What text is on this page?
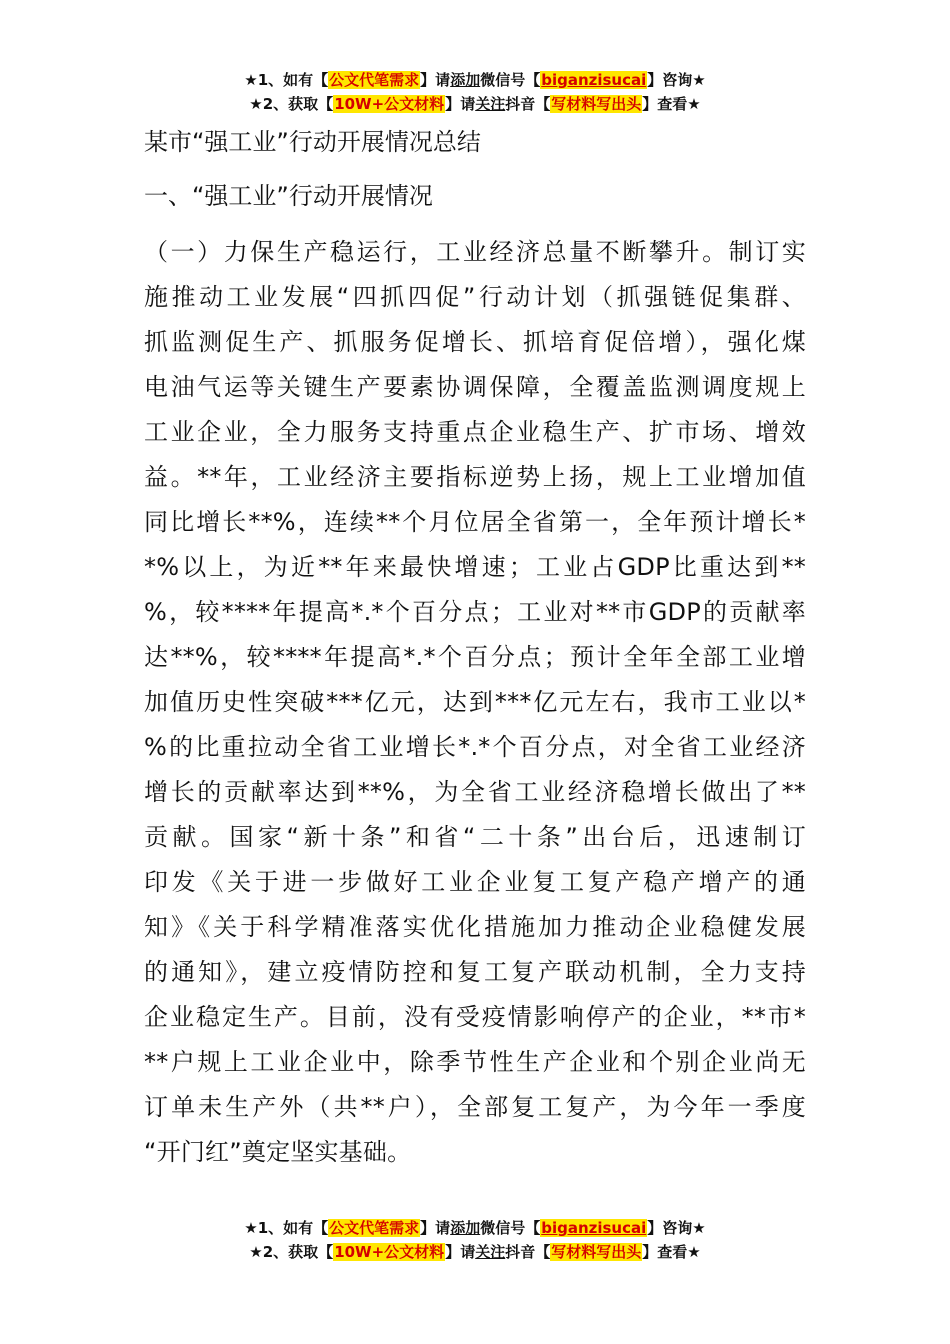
★1、如有【公文代笔需求】请添加微信号【biganzisucai】咨询★
★2、获取【10W+公文材料】请关注抖音【写材料写出头】查看★
某市“强工业”行动开展情况总结
一、“强工业”行动开展情况
（一）力保生产稳运行，工业经济总量不断攀升。制订实
施推动工业发展“四抓四促”行动计划（抓强链促集群、
抓监测促生产、抓服务促增长、抓培育促倍增），强化煤
电油气运等关键生产要素协调保障，全覆盖监测调度规上
工业企业，全力服务支持重点企业稳生产、扩市场、增效
益。**年，工业经济主要指标逆势上扬，规上工业增加值
同比增长**%，连续**个月位居全省第一，全年预计增长*
*%以上，为近**年来最快增速；工业占GDP比重达到**
%，较****年提高*.*个百分点；工业对**市GDP的贡献率
达**%，较****年提高*.*个百分点；预计全年全部工业增
加值历史性突破***亿元，达到***亿元左右，我市工业以*
%的比重拉动全省工业增长*.*个百分点，对全省工业经济
增长的贡献率达到**%，为全省工业经济稳增长做出了**
贡献。国家“新十条”和省“二十条”出台后，迅速制订
印发《关于进一步做好工业企业复工复产稳产增产的通
知》《关于科学精准落实优化措施加力推动企业稳健发展
的通知》，建立疫情防控和复工复产联动机制，全力支持
企业稳定生产。目前，没有受疫情影响停产的企业，**市*
**户规上工业企业中，除季节性生产企业和个别企业尚无
订单未生产外（共**户），全部复工复产，为今年一季度
“开门红”奠定坚实基础。
★1、如有【公文代笔需求】请添加微信号【biganzisucai】咨询★
★2、获取【10W+公文材料】请关注抖音【写材料写出头】查看★
